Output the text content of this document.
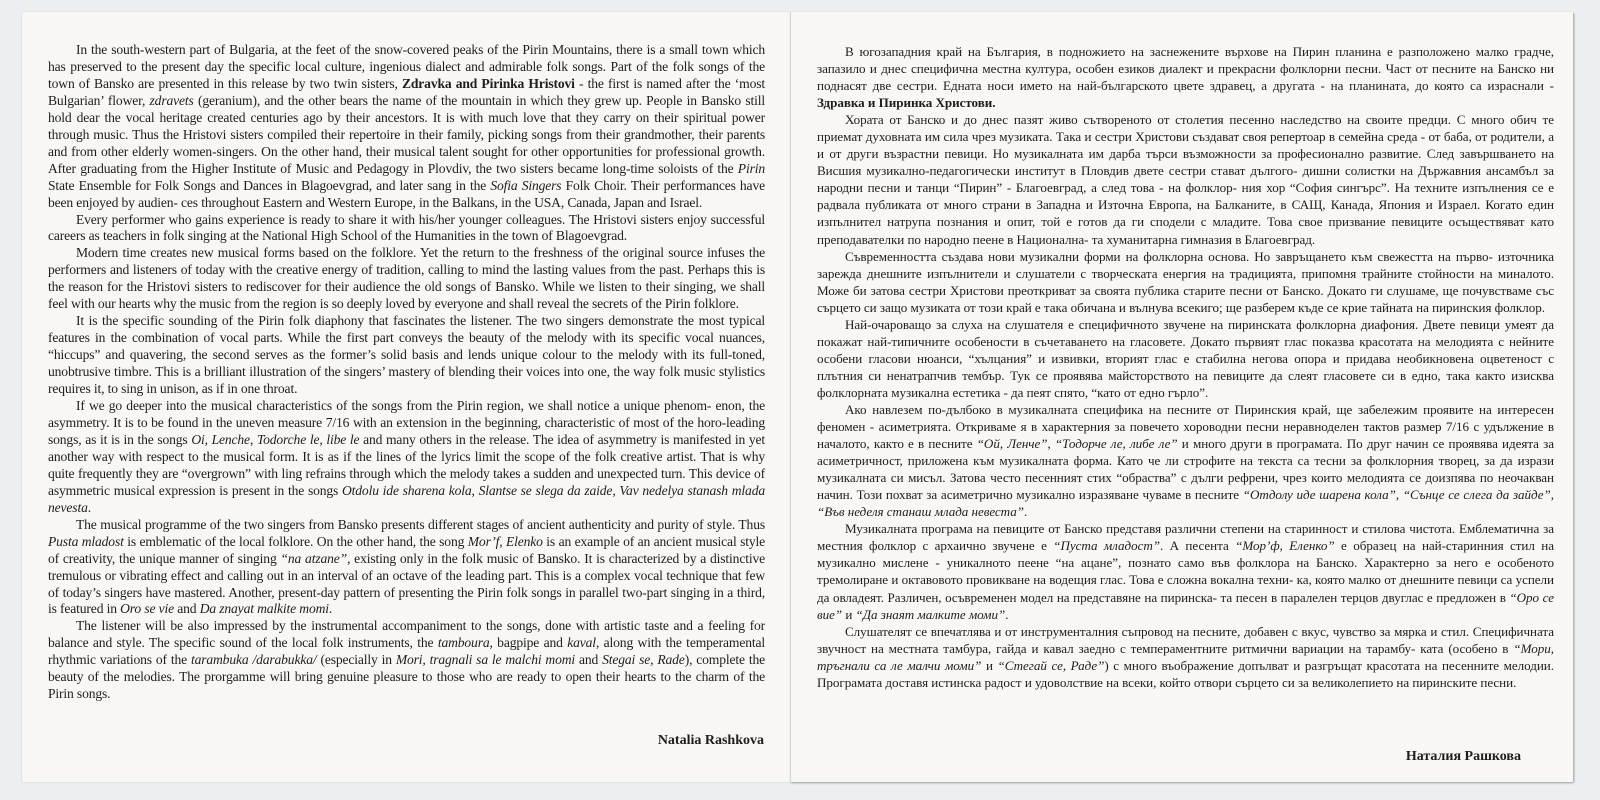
In the south-western part of Bulgaria, at the feet of the snow-covered peaks of the Pirin Mountains, there is a small town which has preserved to the present day the specific local culture, ingenious dialect and admirable folk songs. Part of the folk songs of the town of Bansko are presented in this release by two twin sisters, Zdravka and Pirinka Hristovi - the first is named after the ‘most Bulgarian’ flower, zdravets (geranium), and the other bears the name of the mountain in which they grew up. People in Bansko still hold dear the vocal heritage created centuries ago by their ancestors. It is with much love that they carry on their spiritual power through music. Thus the Hristovi sisters compiled their repertoire in their family, picking songs from their grandmother, their parents and from other elderly women-singers. On the other hand, their musical talent sought for other opportunities for professional growth. After graduating from the Higher Institute of Music and Pedagogy in Plovdiv, the two sisters became long-time soloists of the Pirin State Ensemble for Folk Songs and Dances in Blagoevgrad, and later sang in the Sofia Singers Folk Choir. Their performances have been enjoyed by audien- ces throughout Eastern and Western Europe, in the Balkans, in the USA, Canada, Japan and Israel.

Every performer who gains experience is ready to share it with his/her younger colleagues. The Hristovi sisters enjoy successful careers as teachers in folk singing at the National High School of the Humanities in the town of Blagoevgrad.

Modern time creates new musical forms based on the folklore. Yet the return to the freshness of the original source infuses the performers and listeners of today with the creative energy of tradition, calling to mind the lasting values from the past. Perhaps this is the reason for the Hristovi sisters to rediscover for their audience the old songs of Bansko. While we listen to their singing, we shall feel with our hearts why the music from the region is so deeply loved by everyone and shall reveal the secrets of the Pirin folklore.

It is the specific sounding of the Pirin folk diaphony that fascinates the listener. The two singers demonstrate the most typical features in the combination of vocal parts. While the first part conveys the beauty of the melody with its specific vocal nuances, “hiccups” and quavering, the second serves as the former’s solid basis and lends unique colour to the melody with its full-toned, unobtrusive timbre. This is a brilliant illustration of the singers’ mastery of blending their voices into one, the way folk music stylistics requires it, to sing in unison, as if in one throat.

If we go deeper into the musical characteristics of the songs from the Pirin region, we shall notice a unique phenom- enon, the asymmetry. It is to be found in the uneven measure 7/16 with an extension in the beginning, characteristic of most of the horo-leading songs, as it is in the songs Oi, Lenche, Todorche le, libe le and many others in the release. The idea of asymmetry is manifested in yet another way with respect to the musical form. It is as if the lines of the lyrics limit the scope of the folk creative artist. That is why quite frequently they are “overgrown” with ling refrains through which the melody takes a sudden and unexpected turn. This device of asymmetric musical expression is present in the songs Otdolu ide sharena kola, Slantse se slega da zaide, Vav nedelya stanash mlada nevesta.

The musical programme of the two singers from Bansko presents different stages of ancient authenticity and purity of style. Thus Pusta mladost is emblematic of the local folklore. On the other hand, the song Mor’f, Elenko is an example of an ancient musical style of creativity, the unique manner of singing “na atzane”, existing only in the folk music of Bansko. It is characterized by a distinctive tremulous or vibrating effect and calling out in an interval of an octave of the leading part. This is a complex vocal technique that few of today’s singers have mastered. Another, present-day pattern of presenting the Pirin folk songs in parallel two-part singing in a third, is featured in Oro se vie and Da znayat malkite momi.

The listener will be also impressed by the instrumental accompaniment to the songs, done with artistic taste and a feeling for balance and style. The specific sound of the local folk instruments, the tamboura, bagpipe and kaval, along with the temperamental rhythmic variations of the tarambuka /darabukka/ (especially in Mori, tragnali sa le malchi momi and Stegai se, Rade), complete the beauty of the melodies. The prorgamme will bring genuine pleasure to those who are ready to open their hearts to the charm of the Pirin songs.

Natalia Rashkova

В югозападния край на България, в подножието на заснежените върхове на Пирин планина е разположено малко градче, запазило и днес специфична местна култура, особен езиков диалект и прекрасни фолклорни песни. Част от песните на Банско ни поднасят две сестри. Едната носи името на най-българското цвете здравец, а другата - на планината, до която са израснали - Здравка и Пиринка Христови.

Хората от Банско и до днес пазят живо сътвореното от столетия песенно наследство на своите предци. С много обич те приемат духовната им сила чрез музиката. Така и сестри Христови създават своя репертоар в семейна среда - от баба, от родители, а и от други възрастни певици. Но музикалната им дарба търси възможности за професионално развитие. След завършването на Висшия музикално-педагогически институт в Пловдив двете сестри стават дългого- дишни солистки на Държавния ансамбъл за народни песни и танци “Пирин” - Благоевград, а след това - на фолклор- ния хор “София сингърс”. На техните изпълнения се е радвала публиката от много страни в Западна и Източна Европа, на Балканите, в САЩ, Канада, Япония и Израел. Когато един изпълнител натрупа познания и опит, той е готов да ги сподели с младите. Това свое призвание певиците осъществяват като преподавателки по народно пеене в Национална- та хуманитарна гимназия в Благоевград.

Съвременността създава нови музикални форми на фолклорна основа. Но завръщането към свежестта на първо- източника зарежда днешните изпълнители и слушатели с творческата енергия на традицията, припомня трайните стойности на миналото. Може би затова сестри Христови преоткриват за своята публика старите песни от Банско. Докато ги слушаме, ще почувстваме със сърцето си защо музиката от този край е така обичана и вълнува всекиго; ще разберем къде се крие тайната на пиринския фолклор.

Най-очароващо за слуха на слушателя е специфичното звучене на пиринската фолклорна диафония. Двете певици умеят да покажат най-типичните особености в съчетаването на гласовете. Докато първият глас показва красотата на мелодията с нейните особени гласови нюанси, “хълцания” и извивки, вторият глас е стабилна негова опора и придава необикновена оцветеност с плътния си ненатрапчив тембър. Тук се проявява майсторството на певиците да слеят гласовете си в едно, така както изисква фолклорната музикална естетика - да пеят спято, “като от едно гърло”.

Ако навлезем по-дълбоко в музикалната специфика на песните от Пиринския край, ще забележим проявите на интересен феномен - асиметрията. Откриваме я в характерния за повечето хороводни песни неравноделен тактов размер 7/16 с удължение в началото, както е в песните “Ой, Ленче”, “Тодорче ле, либе ле” и много други в програмата. По друг начин се проявява идеята за асиметричност, приложена към музикалната форма. Като че ли строфите на текста са тесни за фолклорния творец, за да изрази музикалната си мисъл. Затова често песенният стих “обраства” с дълги рефрени, чрез които мелодията се доизпява по неочакван начин. Този похват за асиметрично музикално изразяване чуваме в песните “Отдолу иде шарена кола”, “Сънце се слега да зайде”, “Във неделя станаш млада невеста”.

Музикалната програма на певиците от Банско представя различни степени на старинност и стилова чистота. Емблематична за местния фолклор с архаично звучене е “Пуста младост”. А песента “Мор’ф, Еленко” е образец на най-старинния стил на музикално мислене - уникалното пеене “на ацане”, познато само във фолклора на Банско. Характерно за него е особеното тремолиране и октавовото провикване на водещия глас. Това е сложна вокална техни- ка, която малко от днешните певици са успели да овладеят. Различен, осъвременен модел на представяне на пиринска- та песен в паралелен терцов двуглас е предложен в “Оро се вие” и “Да знаят малките моми”.

Слушателят се впечатлява и от инструменталния съпровод на песните, добавен с вкус, чувство за мярка и стил. Специфичната звучност на местната тамбура, гайда и кавал заедно с темпераментните ритмични вариации на тарамбу- ката (особено в “Мори, тръгнали са ле малчи моми” и “Стегай се, Раде”) с много въображение допълват и разгръщат красотата на песенните мелодии. Програмата доставя истинска радост и удоволствие на всеки, който отвори сърцето си за великолепието на пиринските песни.

Наталия Рашкова
